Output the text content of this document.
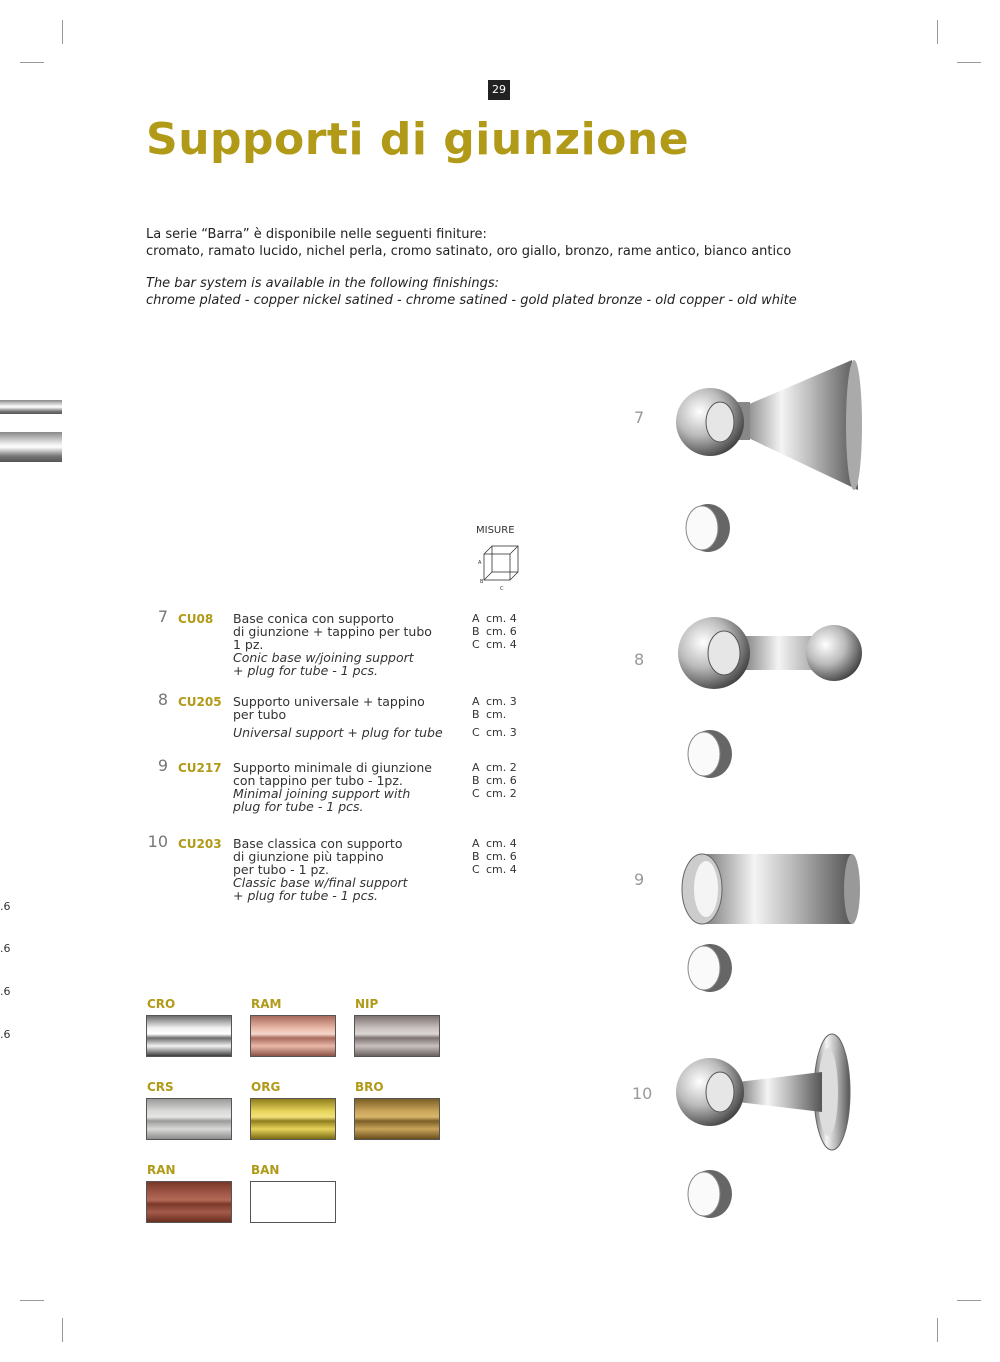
29
Supporti di giunzione

La serie “Barra” è disponibile nelle seguenti finiture:

cromato, ramato lucido, nichel perla, cromo satinato, oro giallo, bronzo, rame antico, bianco antico

The bar system is available in the following finishings:

chrome plated - copper nickel satined - chrome satined - gold plated bronze - old copper - old white

.6
.6
.6
.6
MISURE
A
B
C
7 CU08	Base conica con supporto
di giunzione + tappino per tubo
1 pz.
Conic base w/joining support
+ plug for tube - 1 pcs.
A cm. 4
B cm. 6
C cm. 4
8 CU205 Supporto universale + tappino
per tubo
Universal support + plug for tube
A cm. 3
B cm.
C cm. 3
9 CU217 Supporto minimale di giunzione
con tappino per tubo - 1pz.
Minimal joining support with
plug for tube - 1 pcs.
A cm. 2
B cm. 6
C cm. 2
10 CU203 Base classica con supporto
di giunzione più tappino
per tubo - 1 pz.
Classic base w/final support
+ plug for tube - 1 pcs.
A cm. 4
B cm. 6
C cm. 4
CRO	RAM	NIP
CRS	ORG	BRO
RAN	BAN
7
8
9
10
